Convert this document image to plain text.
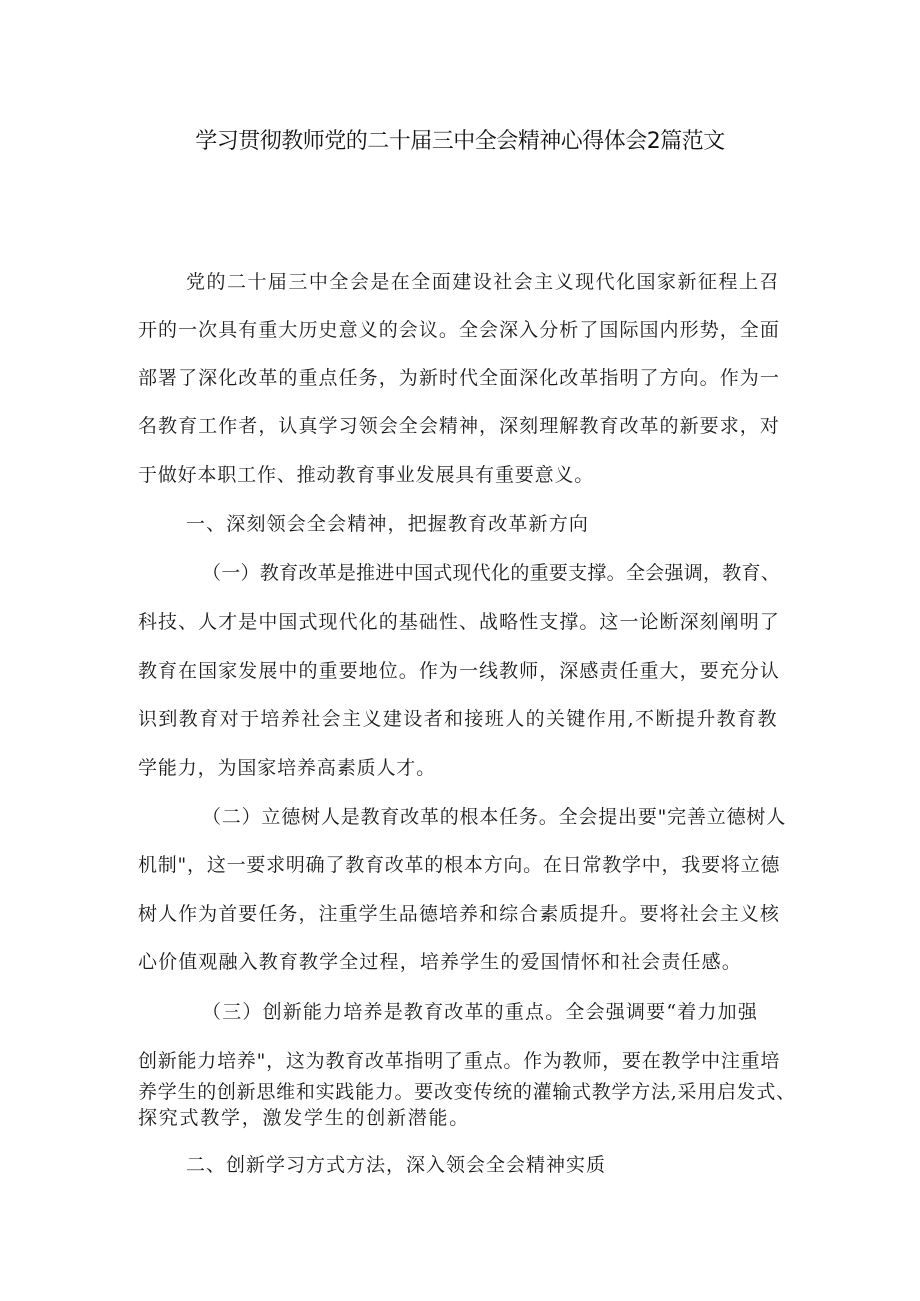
学习贯彻教师党的二十届三中全会精神心得体会2篇范文
党的二十届三中全会是在全面建设社会主义现代化国家新征程上召
开的一次具有重大历史意义的会议。全会深入分析了国际国内形势，全面
部署了深化改革的重点任务，为新时代全面深化改革指明了方向。作为一
名教育工作者，认真学习领会全会精神，深刻理解教育改革的新要求，对
于做好本职工作、推动教育事业发展具有重要意义。
一、深刻领会全会精神，把握教育改革新方向
（一）教育改革是推进中国式现代化的重要支撑。全会强调，教育、
科技、人才是中国式现代化的基础性、战略性支撑。这一论断深刻阐明了
教育在国家发展中的重要地位。作为一线教师，深感责任重大，要充分认
识到教育对于培养社会主义建设者和接班人的关键作用,不断提升教育教
学能力，为国家培养高素质人才。
（二）立德树人是教育改革的根本任务。全会提出要"完善立德树人
机制"，这一要求明确了教育改革的根本方向。在日常教学中，我要将立德
树人作为首要任务，注重学生品德培养和综合素质提升。要将社会主义核
心价值观融入教育教学全过程，培养学生的爱国情怀和社会责任感。
（三）创新能力培养是教育改革的重点。全会强调要“着力加强
创新能力培养"，这为教育改革指明了重点。作为教师，要在教学中注重培
养学生的创新思维和实践能力。要改变传统的灌输式教学方法,采用启发式、
探究式教学，激发学生的创新潜能。
二、创新学习方式方法，深入领会全会精神实质
